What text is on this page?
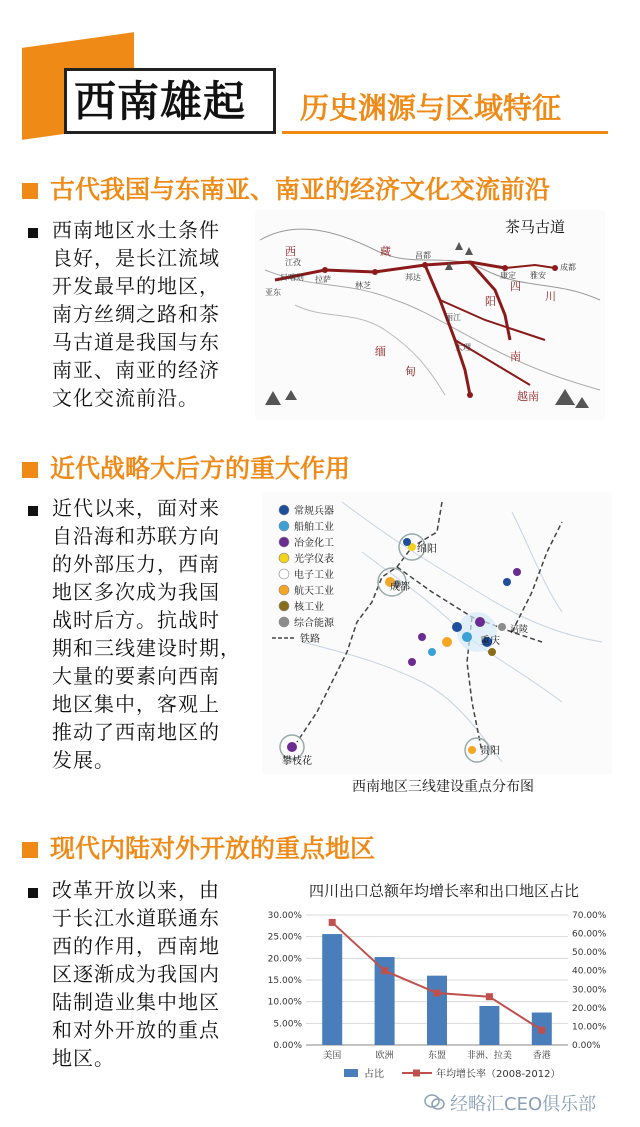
西南雄起	历史渊源与区域特征
古代我国与东南亚、南亚的经济文化交流前沿
西南地区水土条件
良好，是长江流域
开发最早的地区，
南方丝绸之路和茶
马古道是我国与东
南亚、南亚的经济
文化交流前沿。
茶马古道
西	藏
四
川
缅
甸
阳
南
越南
昌都
林芝
江孜
拉萨
亚东
日喀则	邦达
成都
雅安
康定
丽江
大理
近代战略大后方的重大作用
近代以来，面对来
自沿海和苏联方向
的外部压力，西南
地区多次成为我国
战时后方。抗战时
期和三线建设时期，
大量的要素向西南
地区集中，客观上
推动了西南地区的
发展。
绵阳
成都
重庆
涪陵
攀枝花
贵阳
常规兵器
船舶工业
冶金化工
光学仪表
电子工业
航天工业
核工业
综合能源
铁路
西南地区三线建设重点分布图
现代内陆对外开放的重点地区
改革开放以来，由
于长江水道联通东
西的作用，西南地
区逐渐成为我国内
陆制造业集中地区
和对外开放的重点
地区。
四川出口总额年均增长率和出口地区占比
0.00%
5.00%
10.00%
15.00%
20.00%
25.00%
30.00%
0.00%
10.00%
20.00%
30.00%
40.00%
50.00%
60.00%
70.00%
美国	欧洲	东盟 非洲、拉美 香港
占比	年均增长率（2008-2012）
经略汇CEO俱乐部
